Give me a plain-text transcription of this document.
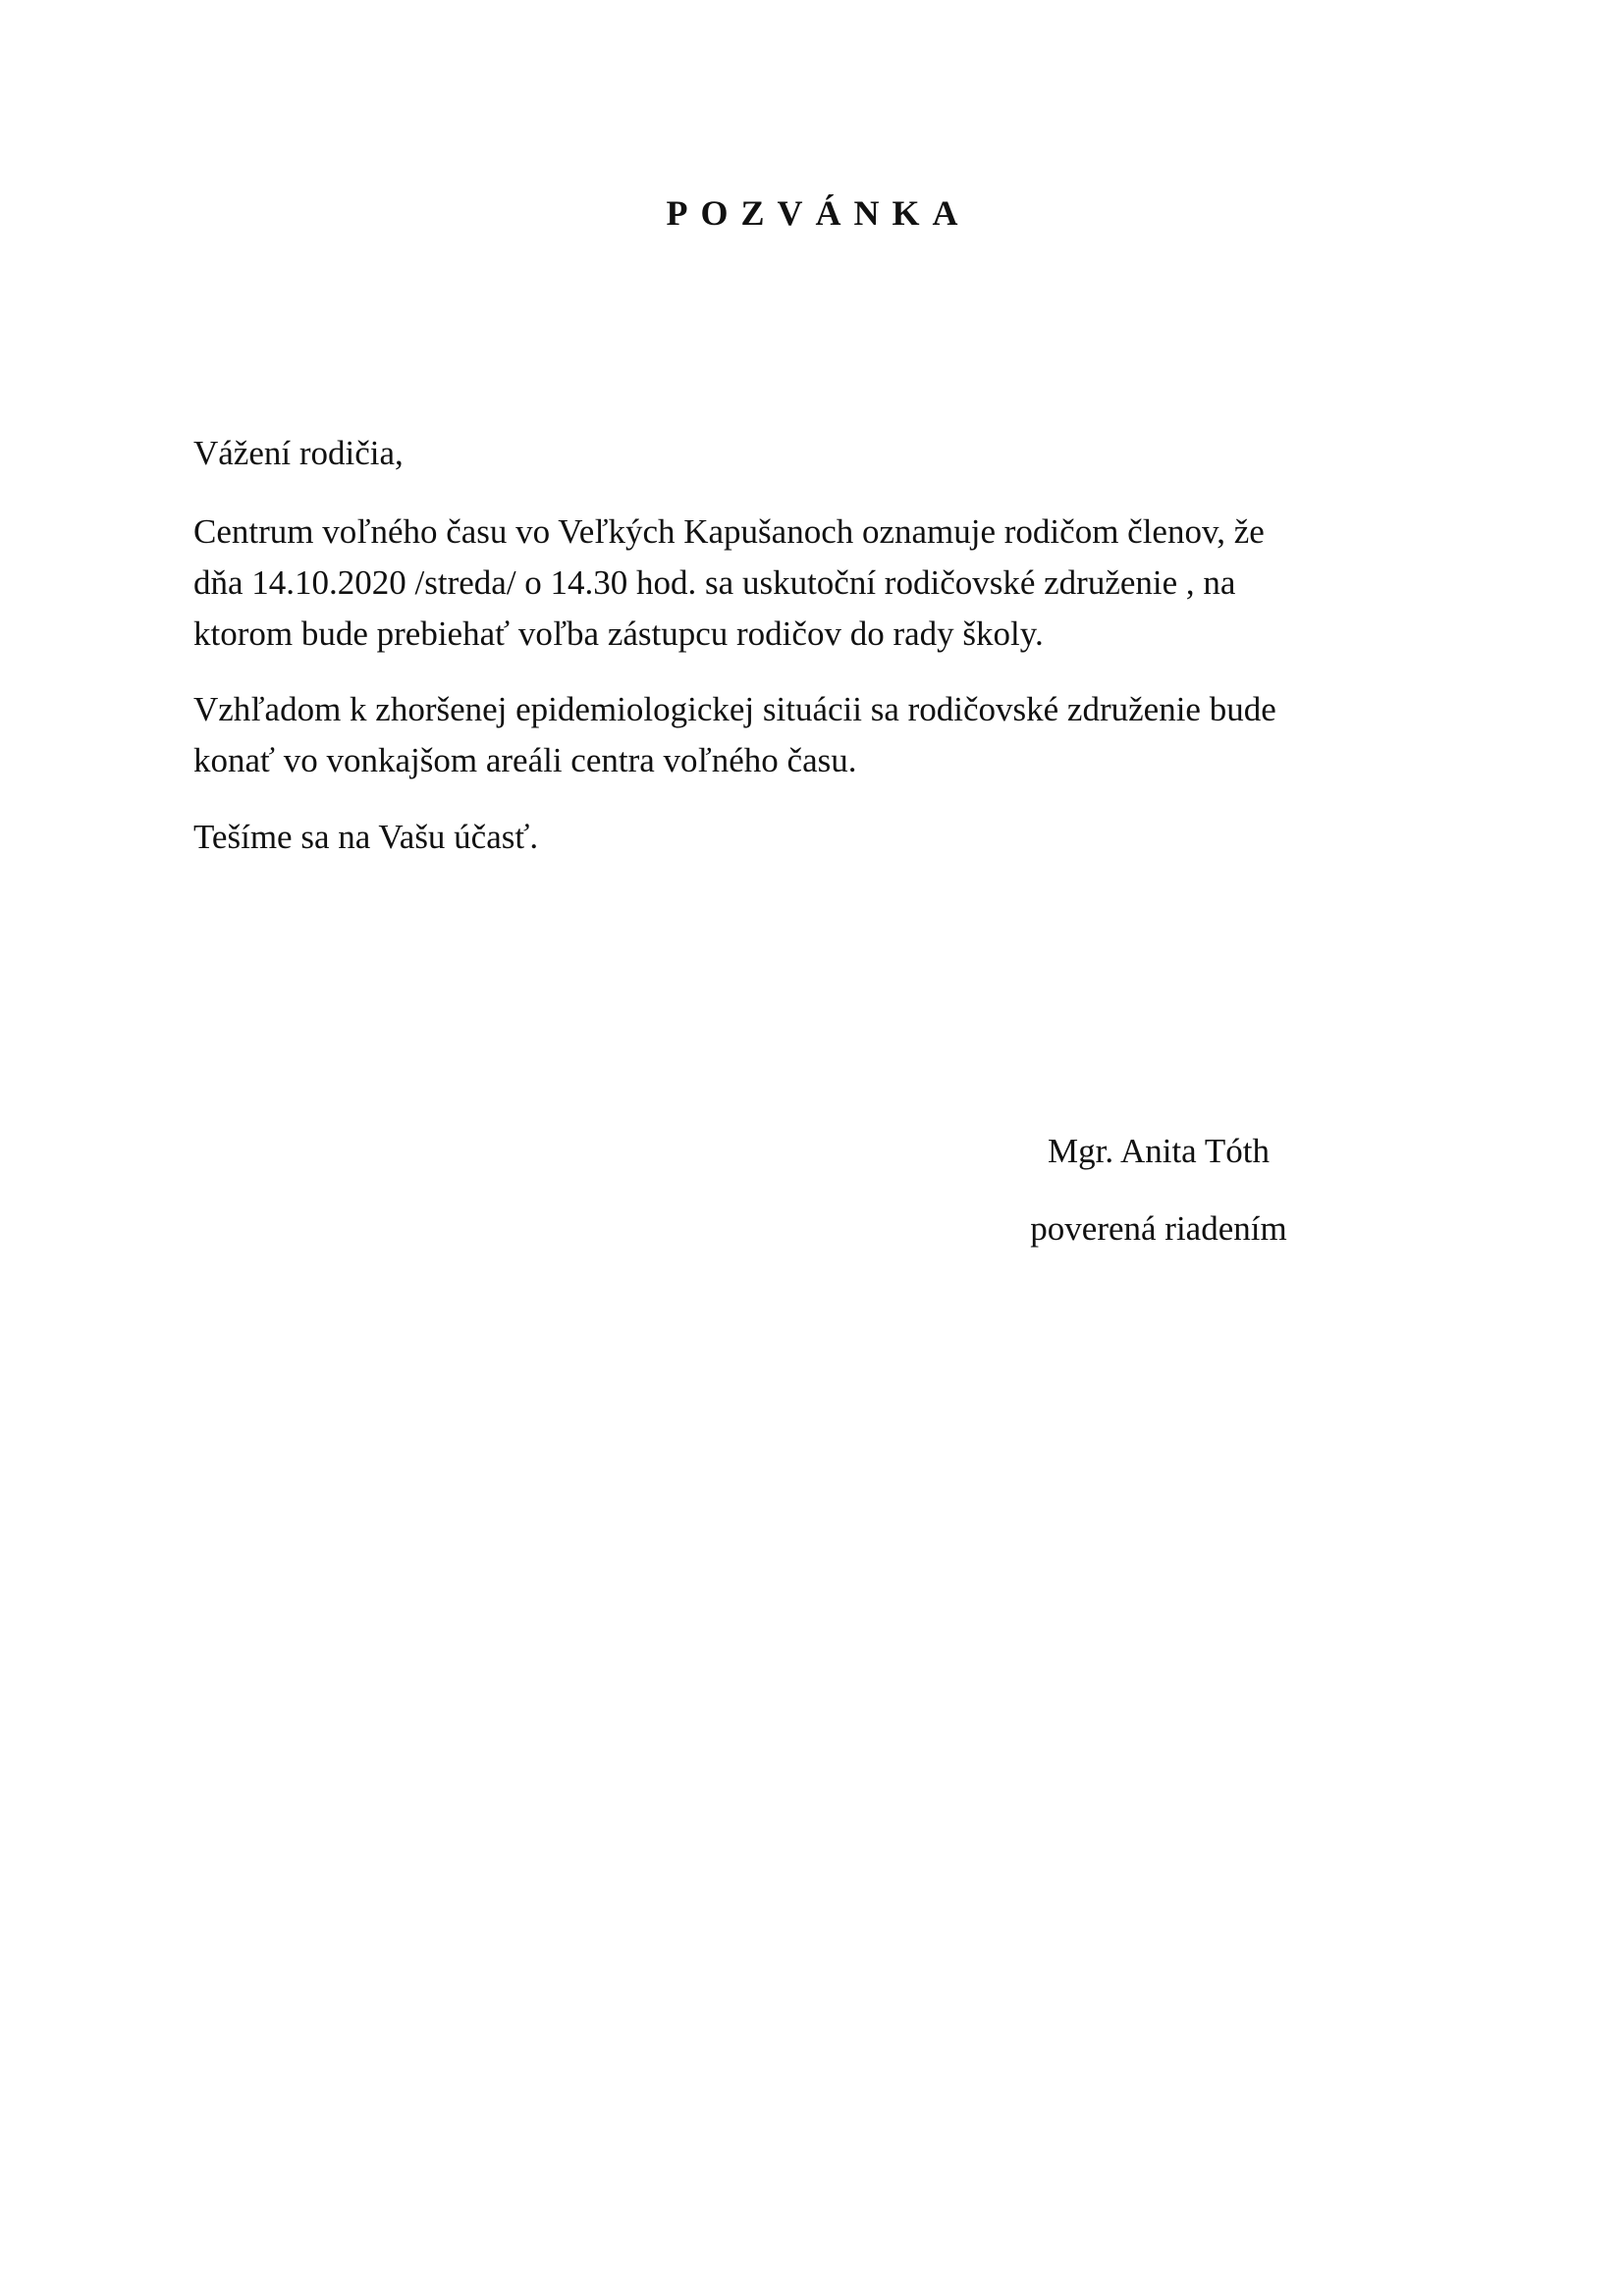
POZVÁNKA

Vážení rodičia,

Centrum voľného času vo Veľkých Kapušanoch oznamuje rodičom členov, že
dňa 14.10.2020 /streda/ o 14.30 hod. sa uskutoční rodičovské združenie , na
ktorom bude prebiehať voľba zástupcu rodičov do rady školy.

Vzhľadom k zhoršenej epidemiologickej situácii sa rodičovské združenie bude
konať vo vonkajšom areáli centra voľného času.

Tešíme sa na Vašu účasť.

Mgr. Anita Tóth
poverená riadením
